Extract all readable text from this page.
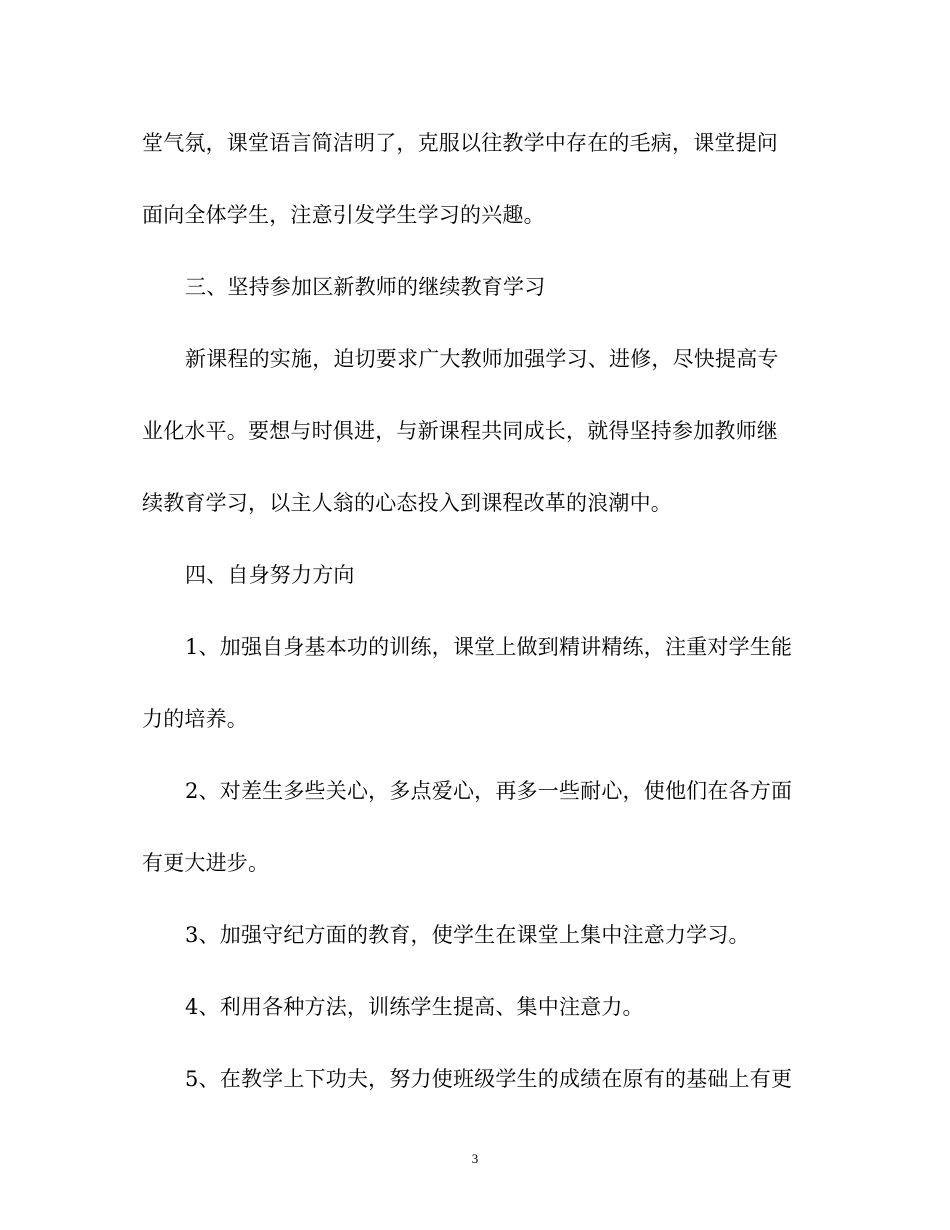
堂气氛，课堂语言简洁明了，克服以往教学中存在的毛病，课堂提问
面向全体学生，注意引发学生学习的兴趣。
三、坚持参加区新教师的继续教育学习
新课程的实施，迫切要求广大教师加强学习、进修，尽快提高专
业化水平。要想与时俱进，与新课程共同成长，就得坚持参加教师继
续教育学习，以主人翁的心态投入到课程改革的浪潮中。
四、自身努力方向
1、加强自身基本功的训练，课堂上做到精讲精练，注重对学生能
力的培养。
2、对差生多些关心，多点爱心，再多一些耐心，使他们在各方面
有更大进步。
3、加强守纪方面的教育，使学生在课堂上集中注意力学习。
4、利用各种方法，训练学生提高、集中注意力。
5、在教学上下功夫，努力使班级学生的成绩在原有的基础上有更
3
